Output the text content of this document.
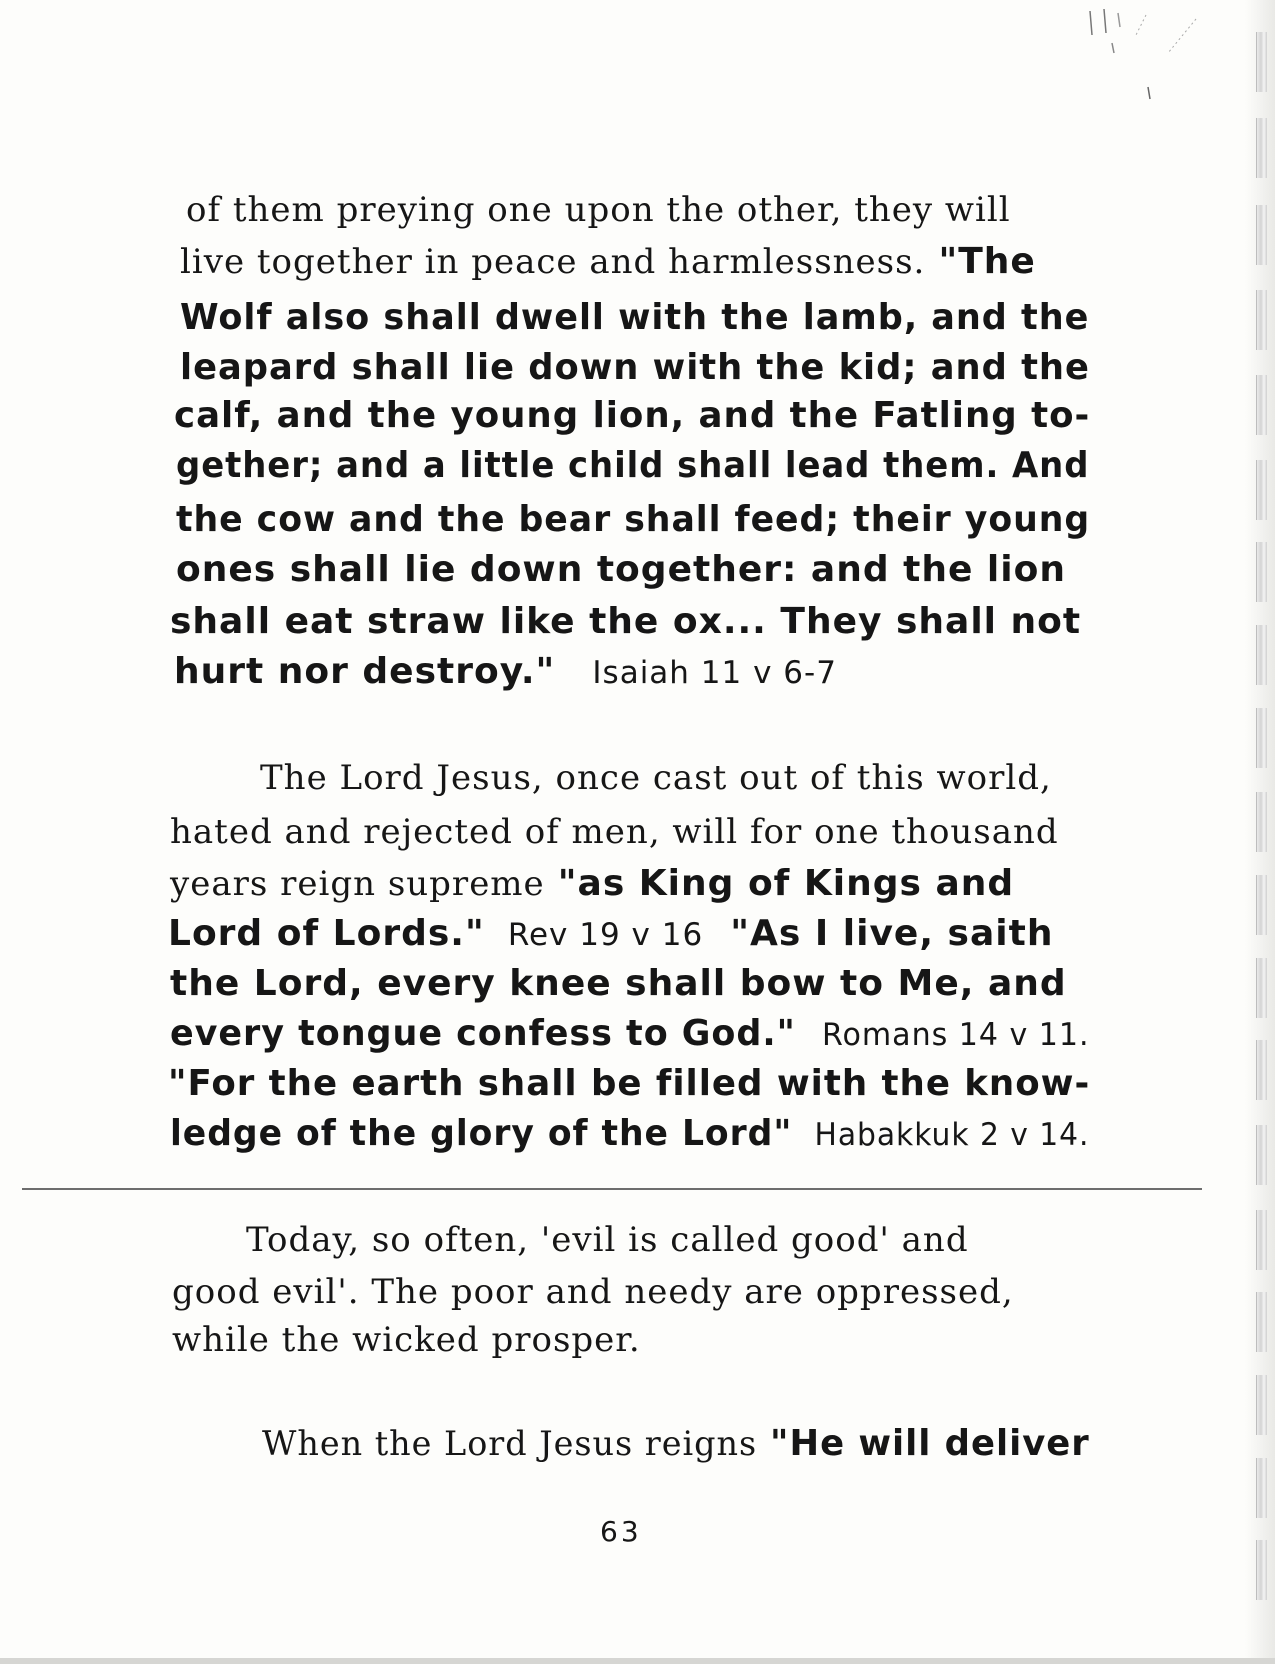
of them preying one upon the other, they will
live together in peace and harmlessness. "The
Wolf also shall dwell with the lamb, and the
leapard shall lie down with the kid; and the
calf, and the young lion, and the Fatling to-
gether; and a little child shall lead them. And
the cow and the bear shall feed; their young
ones shall lie down together: and the lion
shall eat straw like the ox... They shall not
hurt nor destroy." Isaiah 11 v 6-7
The Lord Jesus, once cast out of this world,
hated and rejected of men, will for one thousand
years reign supreme "as King of Kings and
Lord of Lords." Rev 19 v 16 "As I live, saith
the Lord, every knee shall bow to Me, and
every tongue confess to God." Romans 14 v 11.
"For the earth shall be filled with the know-
ledge of the glory of the Lord" Habakkuk 2 v 14.
Today, so often, 'evil is called good' and
good evil'. The poor and needy are oppressed,
while the wicked prosper.
When the Lord Jesus reigns "He will deliver
63
